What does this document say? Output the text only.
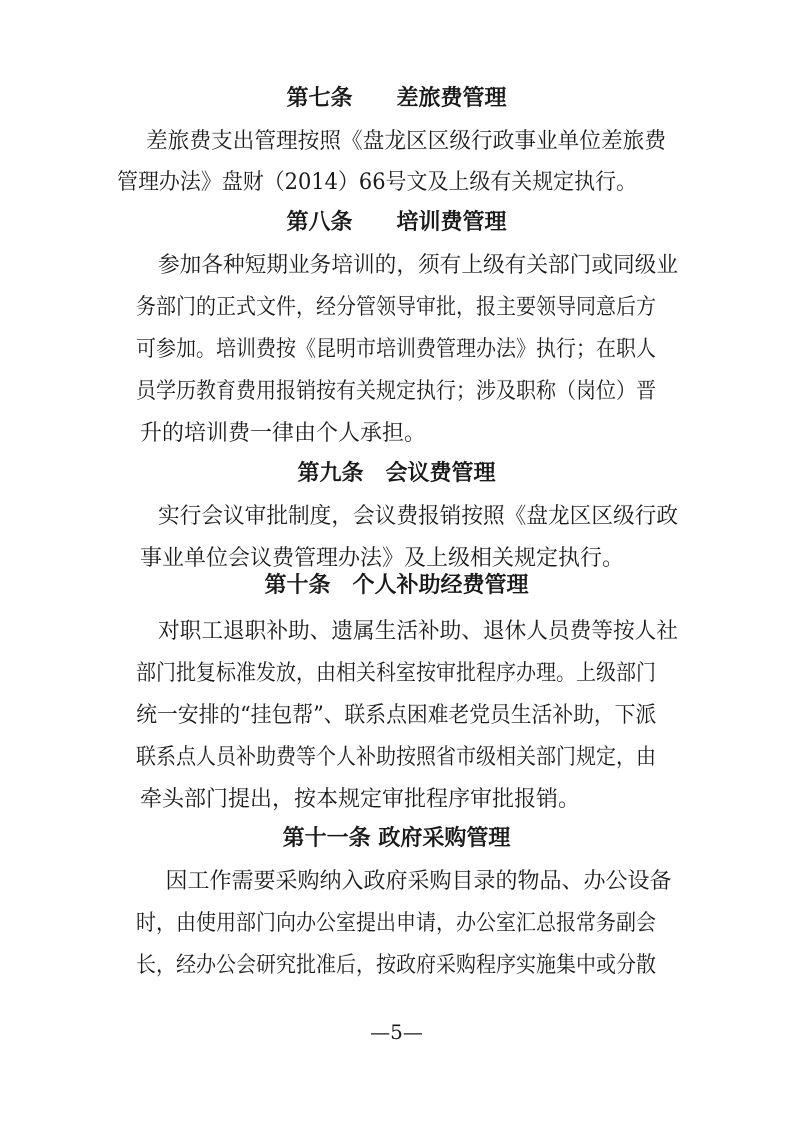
第七条　　差旅费管理
差旅费支出管理按照《盘龙区区级行政事业单位差旅费
管理办法》盘财（2014）66号文及上级有关规定执行。
第八条　　培训费管理
参加各种短期业务培训的，须有上级有关部门或同级业
务部门的正式文件，经分管领导审批，报主要领导同意后方
可参加。培训费按《昆明市培训费管理办法》执行；在职人
员学历教育费用报销按有关规定执行；涉及职称（岗位）晋
升的培训费一律由个人承担。
第九条　会议费管理
实行会议审批制度，会议费报销按照《盘龙区区级行政
事业单位会议费管理办法》及上级相关规定执行。
第十条　个人补助经费管理
对职工退职补助、遗属生活补助、退休人员费等按人社
部门批复标准发放，由相关科室按审批程序办理。上级部门
统一安排的“挂包帮”、联系点困难老党员生活补助，下派
联系点人员补助费等个人补助按照省市级相关部门规定，由
牵头部门提出，按本规定审批程序审批报销。
第十一条 政府采购管理
因工作需要采购纳入政府采购目录的物品、办公设备
时，由使用部门向办公室提出申请，办公室汇总报常务副会
长，经办公会研究批准后，按政府采购程序实施集中或分散
—5—
